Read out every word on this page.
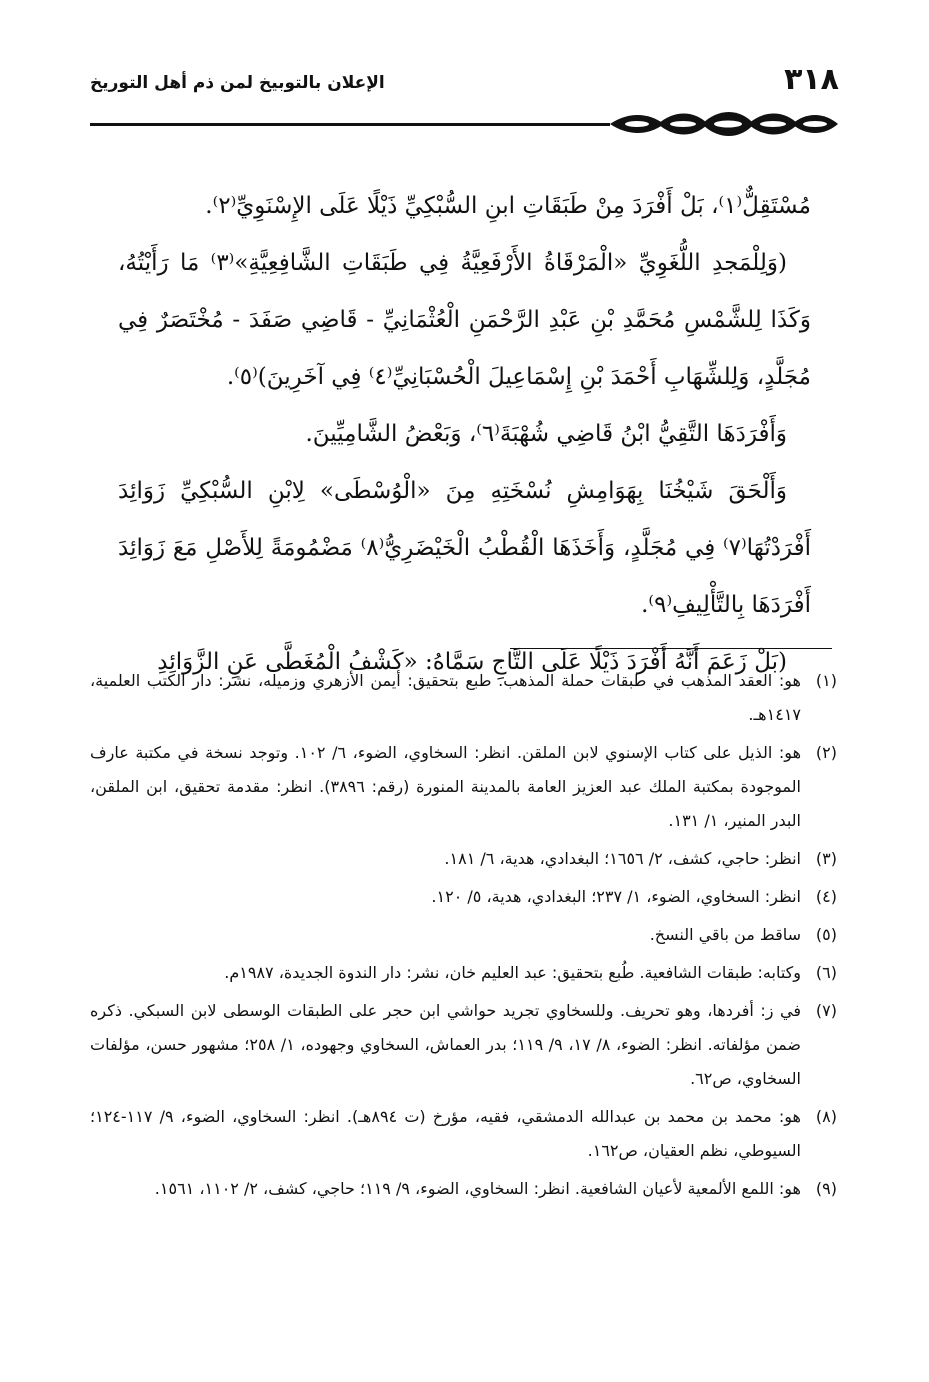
٣١٨
الإعلان بالتوبيخ لمن ذم أهل التوريخ

مُسْتَقِلٌّ⁽١⁾، بَلْ أَفْرَدَ مِنْ طَبَقَاتِ ابنِ السُّبْكِيِّ ذَيْلًا عَلَى الإِسْنَوِيِّ⁽٢⁾.

(وَلِلْمَجدِ اللُّغَوِيِّ «الْمَرْقَاةُ الأَرْفَعِيَّةُ فِي طَبَقَاتِ الشَّافِعِيَّةِ»⁽٣⁾ مَا رَأَيْتُهُ، وَكَذَا لِلشَّمْسِ مُحَمَّدِ بْنِ عَبْدِ الرَّحْمَنِ الْعُثْمَانِيِّ - قَاضِي صَفَدَ - مُخْتَصَرٌ فِي مُجَلَّدٍ، وَلِلشِّهَابِ أَحْمَدَ بْنِ إِسْمَاعِيلَ الْحُسْبَانِيِّ⁽٤⁾ فِي آخَرِينَ)⁽٥⁾.

وَأَفْرَدَهَا التَّقِيُّ ابْنُ قَاضِي شُهْبَةَ⁽٦⁾، وَبَعْضُ الشَّامِيِّينَ.

وَأَلْحَقَ شَيْخُنَا بِهَوَامِشِ نُسْخَتِهِ مِنَ «الْوُسْطَى» لِابْنِ السُّبْكِيِّ زَوَائِدَ أَفْرَدْتُهَا⁽٧⁾ فِي مُجَلَّدٍ، وَأَخَذَهَا الْقُطْبُ الْخَيْضَرِيُّ⁽٨⁾ مَضْمُومَةً لِلأَصْلِ مَعَ زَوَائِدَ أَفْرَدَهَا بِالتَّأْلِيفِ⁽٩⁾.

(بَلْ زَعَمَ أَنَّهُ أَفْرَدَ ذَيْلًا عَلَى التَّاجِ سَمَّاهُ: «كَشْفُ الْمُغَطَّى عَنِ الزَّوَائِدِ

(١)هو: العقد المذهب في طبقات حملة المذهب. طبع بتحقيق: أيمن الأزهري وزميله، نشر: دار الكتب العلمية، ١٤١٧هـ.

(٢)هو: الذيل على كتاب الإسنوي لابن الملقن. انظر: السخاوي، الضوء، ٦/ ١٠٢. وتوجد نسخة في مكتبة عارف الموجودة بمكتبة الملك عبد العزيز العامة بالمدينة المنورة (رقم: ٣٨٩٦). انظر: مقدمة تحقيق، ابن الملقن، البدر المنير، ١/ ١٣١.

(٣)انظر: حاجي، كشف، ٢/ ١٦٥٦؛ البغدادي، هدية، ٦/ ١٨١.

(٤)انظر: السخاوي، الضوء، ١/ ٢٣٧؛ البغدادي، هدية، ٥/ ١٢٠.

(٥)ساقط من باقي النسخ.

(٦)وكتابه: طبقات الشافعية. طُبع بتحقيق: عبد العليم خان، نشر: دار الندوة الجديدة، ١٩٨٧م.

(٧)في ز: أفردها، وهو تحريف. وللسخاوي تجريد حواشي ابن حجر على الطبقات الوسطى لابن السبكي. ذكره ضمن مؤلفاته. انظر: الضوء، ٨/ ١٧، ٩/ ١١٩؛ بدر العماش، السخاوي وجهوده، ١/ ٢٥٨؛ مشهور حسن، مؤلفات السخاوي، ص٦٢.

(٨)هو: محمد بن محمد بن عبدالله الدمشقي، فقيه، مؤرخ (ت ٨٩٤هـ). انظر: السخاوي، الضوء، ٩/ ١١٧-١٢٤؛ السيوطي، نظم العقيان، ص١٦٢.

(٩)هو: اللمع الألمعية لأعيان الشافعية. انظر: السخاوي، الضوء، ٩/ ١١٩؛ حاجي، كشف، ٢/ ١١٠٢، ١٥٦١.
